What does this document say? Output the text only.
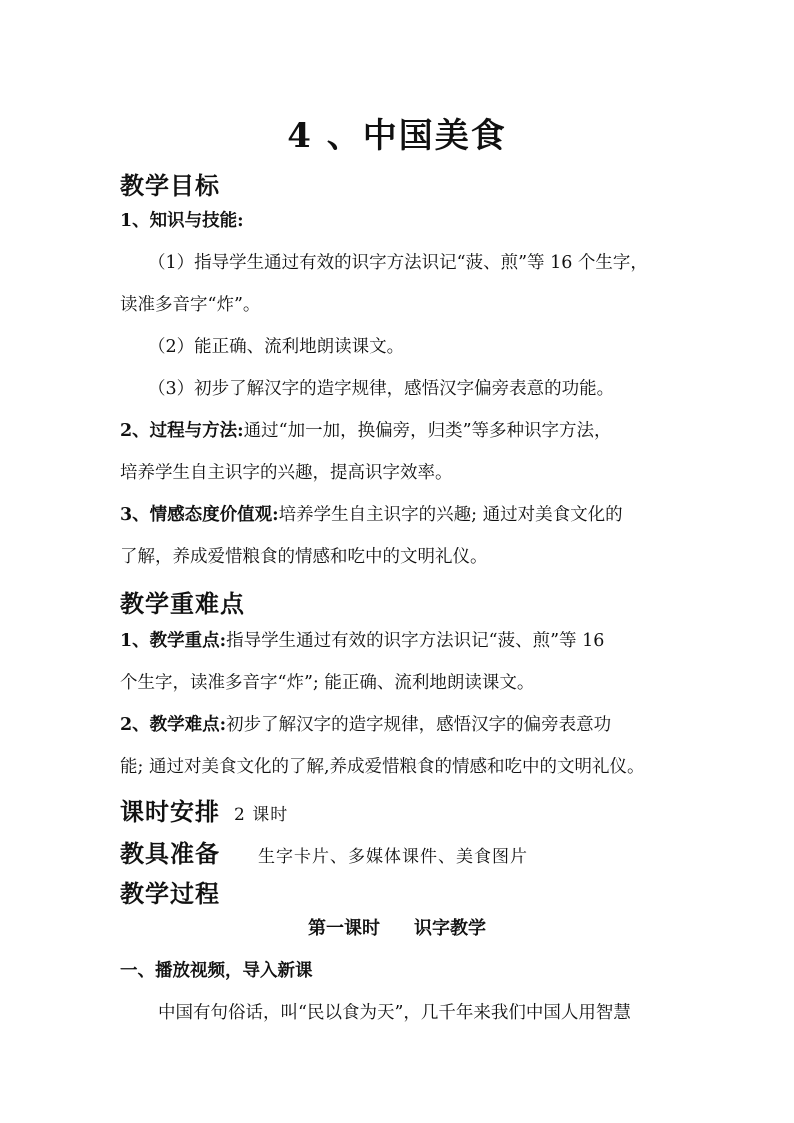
4 、中国美食
教学目标
1、知识与技能:
（1）指导学生通过有效的识字方法识记“菠、煎”等 16 个生字，
读准多音字“炸”。
（2）能正确、流利地朗读课文。
（3）初步了解汉字的造字规律，感悟汉字偏旁表意的功能。
2、过程与方法:通过“加一加，换偏旁，归类”等多种识字方法，
培养学生自主识字的兴趣，提高识字效率。
3、情感态度价值观:培养学生自主识字的兴趣; 通过对美食文化的
了解，养成爱惜粮食的情感和吃中的文明礼仪。
教学重难点
1、教学重点:指导学生通过有效的识字方法识记“菠、煎”等 16
个生字，读准多音字“炸”; 能正确、流利地朗读课文。
2、教学难点:初步了解汉字的造字规律，感悟汉字的偏旁表意功
能; 通过对美食文化的了解,养成爱惜粮食的情感和吃中的文明礼仪。
课时安排 2 课时
教具准备 生字卡片、多媒体课件、美食图片
教学过程
第一课时 识字教学
一、播放视频，导入新课
中国有句俗话，叫“民以食为天”，几千年来我们中国人用智慧
